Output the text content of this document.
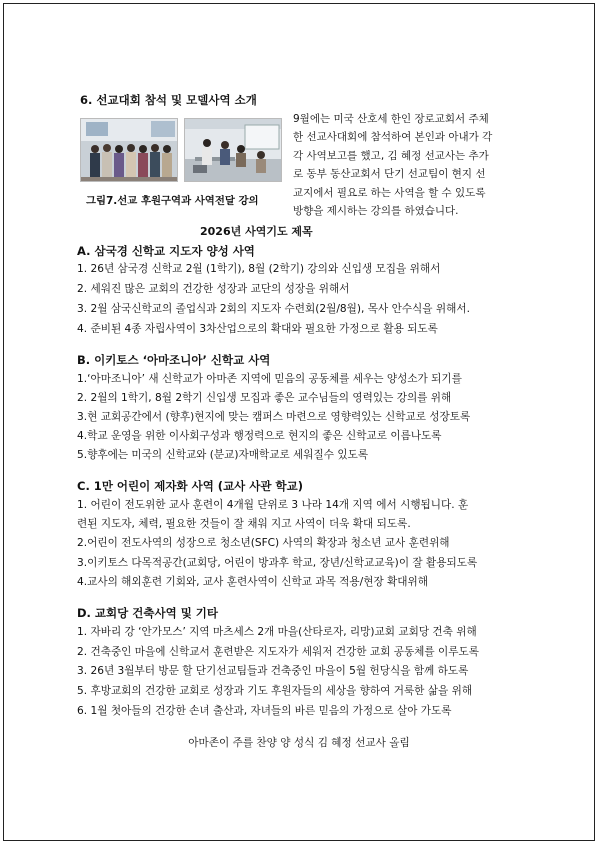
6. 선교대회 참석 및 모델사역 소개
그림7.선교 후원구역과 사역전달 강의
9월에는 미국 산호세 한인 장로교회서 주체
한 선교사대회에 참석하여 본인과 아내가 각
각 사역보고를 했고, 김 혜정 선교사는 추가
로 동부 동산교회서 단기 선교팀이 현지 선
교지에서 필요로 하는 사역을 할 수 있도록
방향을 제시하는 강의를 하였습니다.
2026년 사역기도 제목
A. 삼국경 신학교 지도자 양성 사역
1. 26년 삼국경 신학교 2월 (1학기), 8월 (2학기) 강의와 신입생 모집을 위해서
2. 세워진 많은 교회의 건강한 성장과 교단의 성장을 위해서
3. 2월 삼국신학교의 졸업식과 2회의 지도자 수련회(2월/8월), 목사 안수식을 위해서.
4. 준비된 4종 자립사역이 3차산업으로의 확대와 필요한 가정으로 활용 되도록
B. 이키토스 ‘아마조니아’ 신학교 사역
1.‘아마조니아’ 새 신학교가 아마존 지역에 믿음의 공동체를 세우는 양성소가 되기를
2. 2월의 1학기, 8월 2학기 신입생 모집과 좋은 교수님들의 영력있는 강의를 위해
3.현 교회공간에서 (향후)현지에 맞는 캠퍼스 마련으로 영향력있는 신학교로 성장토록
4.학교 운영을 위한 이사회구성과 행정력으로 현지의 좋은 신학교로 이름나도록
5.향후에는 미국의 신학교와 (분교)자매학교로 세워질수 있도록
C. 1만 어린이 제자화 사역 (교사 사관 학교)
1. 어린이 전도위한 교사 훈련이 4개월 단위로 3 나라 14개 지역 에서 시행됩니다. 훈
련된 지도자, 체력, 필요한 것들이 잘 채워 지고 사역이 더욱 확대 되도록.
2.어린이 전도사역의 성장으로 청소년(SFC) 사역의 확장과 청소년 교사 훈련위해
3.이키토스 다목적공간(교회당, 어린이 방과후 학교, 장년/신학교교육)이 잘 활용되도록
4.교사의 해외훈련 기회와, 교사 훈련사역이 신학교 과목 적용/현장 확대위해
D. 교회당 건축사역 및 기타
1. 자바리 강 ‘안가모스’ 지역 마츠세스 2개 마을(산타로자, 리망)교회 교회당 건축 위해
2. 건축중인 마을에 신학교서 훈련받은 지도자가 세워저 건강한 교회 공동체를 이루도록
3. 26년 3월부터 방문 할 단기선교팀들과 건축중인 마을이 5월 헌당식을 함께 하도록
5. 후방교회의 건강한 교회로 성장과 기도 후원자들의 세상을 향하여 거룩한 삶을 위해
6. 1월 첫아들의 건강한 손녀 출산과, 자녀들의 바른 믿음의 가정으로 살아 가도록
아마존이 주를 찬양 양 성식 김 혜정 선교사 올림
